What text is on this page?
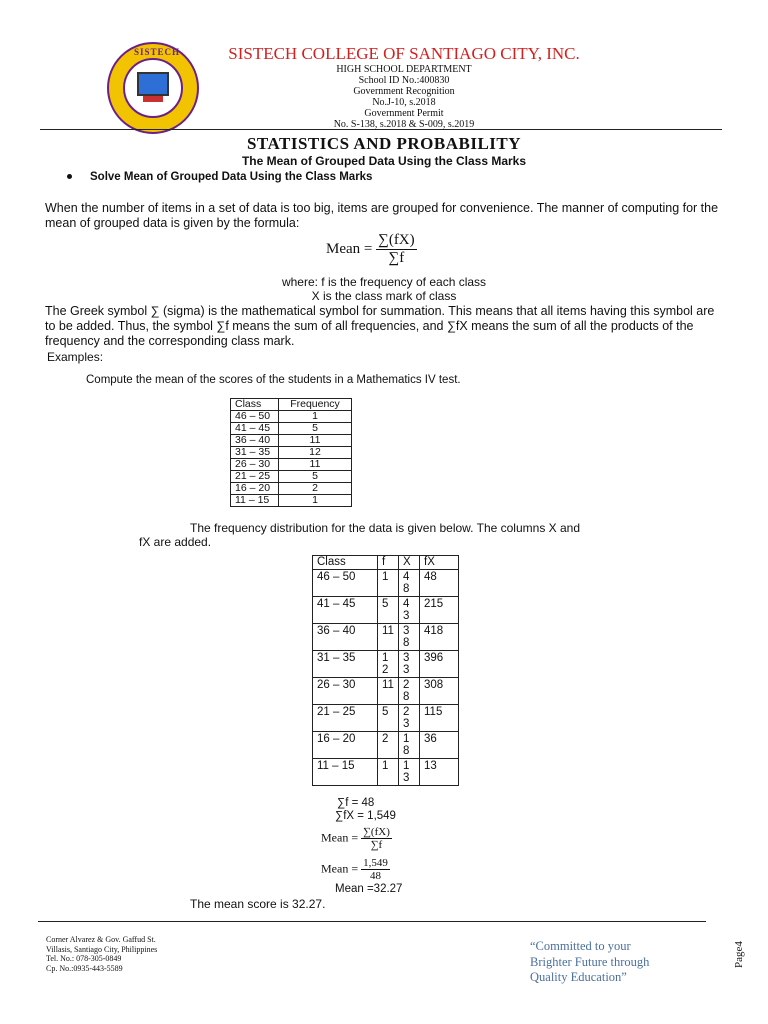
SISTECH	SISTECH COLLEGE OF SANTIAGO CITY, INC.
HIGH SCHOOL DEPARTMENT
School ID No.:400830
Government Recognition
No.J-10, s.2018
Government Permit
No. S-138, s.2018 & S-009, s.2019
STATISTICS AND PROBABILITY
The Mean of Grouped Data Using the Class Marks
Solve Mean of Grouped Data Using the Class Marks
When the number of items in a set of data is too big, items are grouped for convenience. The manner of computing for the mean of grouped data is given by the formula:
Mean = $\frac{\sum(fX)}{\sum f}$
where: f is the frequency of each class
X is the class mark of class
The Greek symbol ∑ (sigma) is the mathematical symbol for summation. This means that all items having this symbol are to be added. Thus, the symbol ∑f means the sum of all frequencies, and ∑fX means the sum of all the products of the frequency and the corresponding class mark.
Examples:
Compute the mean of the scores of the students in a Mathematics IV test.
Class	Frequency
46 – 50	1
41 – 45	5
36 – 40	11
31 – 35	12
26 – 30	11
21 – 25	5
16 – 20	2
11 – 15	1
The frequency distribution for the data is given below. The columns X and
fX are added.
Class	f	X	fX
46 – 50	1	48	48
41 – 45	5	43	215
36 – 40	11	38	418
31 – 35	12	33	396
26 – 30	11	28	308
21 – 25	5	23	115
16 – 20	2	18	36
11 – 15	1	13	13
∑f = 48
∑fX = 1,549
Mean = $\frac{\sum(fX)}{\sum f}$
Mean = $\frac{1,549}{48}$
Mean =32.27
The mean score is 32.27.
Corner Alvarez & Gov. Gaffud St.
Villasis, Santiago City, Philippines
Tel. No.: 078-305-0849
Cp. No.:0935-443-5589
“Committed to your
Brighter Future through
Quality Education”
Page4
